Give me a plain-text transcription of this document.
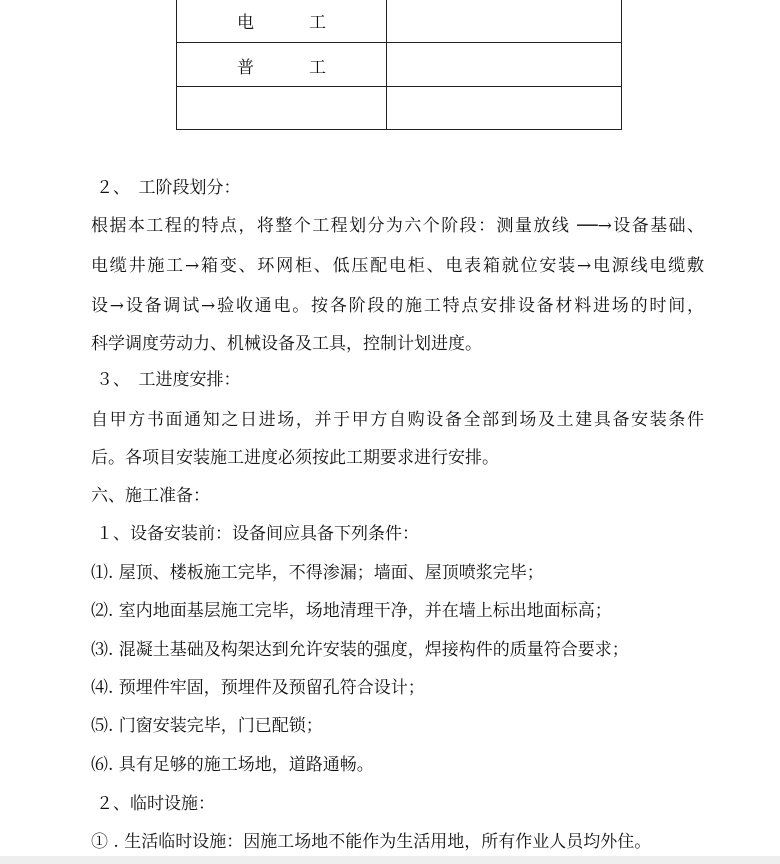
电 工	

普 工	

２、　工阶段划分：
根据本工程的特点，将整个工程划分为六个阶段：测量放线 ──→设备基础、
电缆井施工→箱变、环网柜、低压配电柜、电表箱就位安装→电源线电缆敷
设→设备调试→验收通电。按各阶段的施工特点安排设备材料进场的时间，
科学调度劳动力、机械设备及工具，控制计划进度。
３、　工进度安排：
自甲方书面通知之日进场，并于甲方自购设备全部到场及土建具备安装条件
后。各项目安装施工进度必须按此工期要求进行安排。
六、施工准备：
１、设备安装前：设备间应具备下列条件：
⑴. 屋顶、楼板施工完毕，不得渗漏；墙面、屋顶喷浆完毕；
⑵. 室内地面基层施工完毕，场地清理干净，并在墙上标出地面标高；
⑶. 混凝土基础及构架达到允许安装的强度，焊接构件的质量符合要求；
⑷. 预埋件牢固，预埋件及预留孔符合设计；
⑸. 门窗安装完毕，门已配锁；
⑹. 具有足够的施工场地，道路通畅。
２、临时设施：
① . 生活临时设施：因施工场地不能作为生活用地，所有作业人员均外住。
